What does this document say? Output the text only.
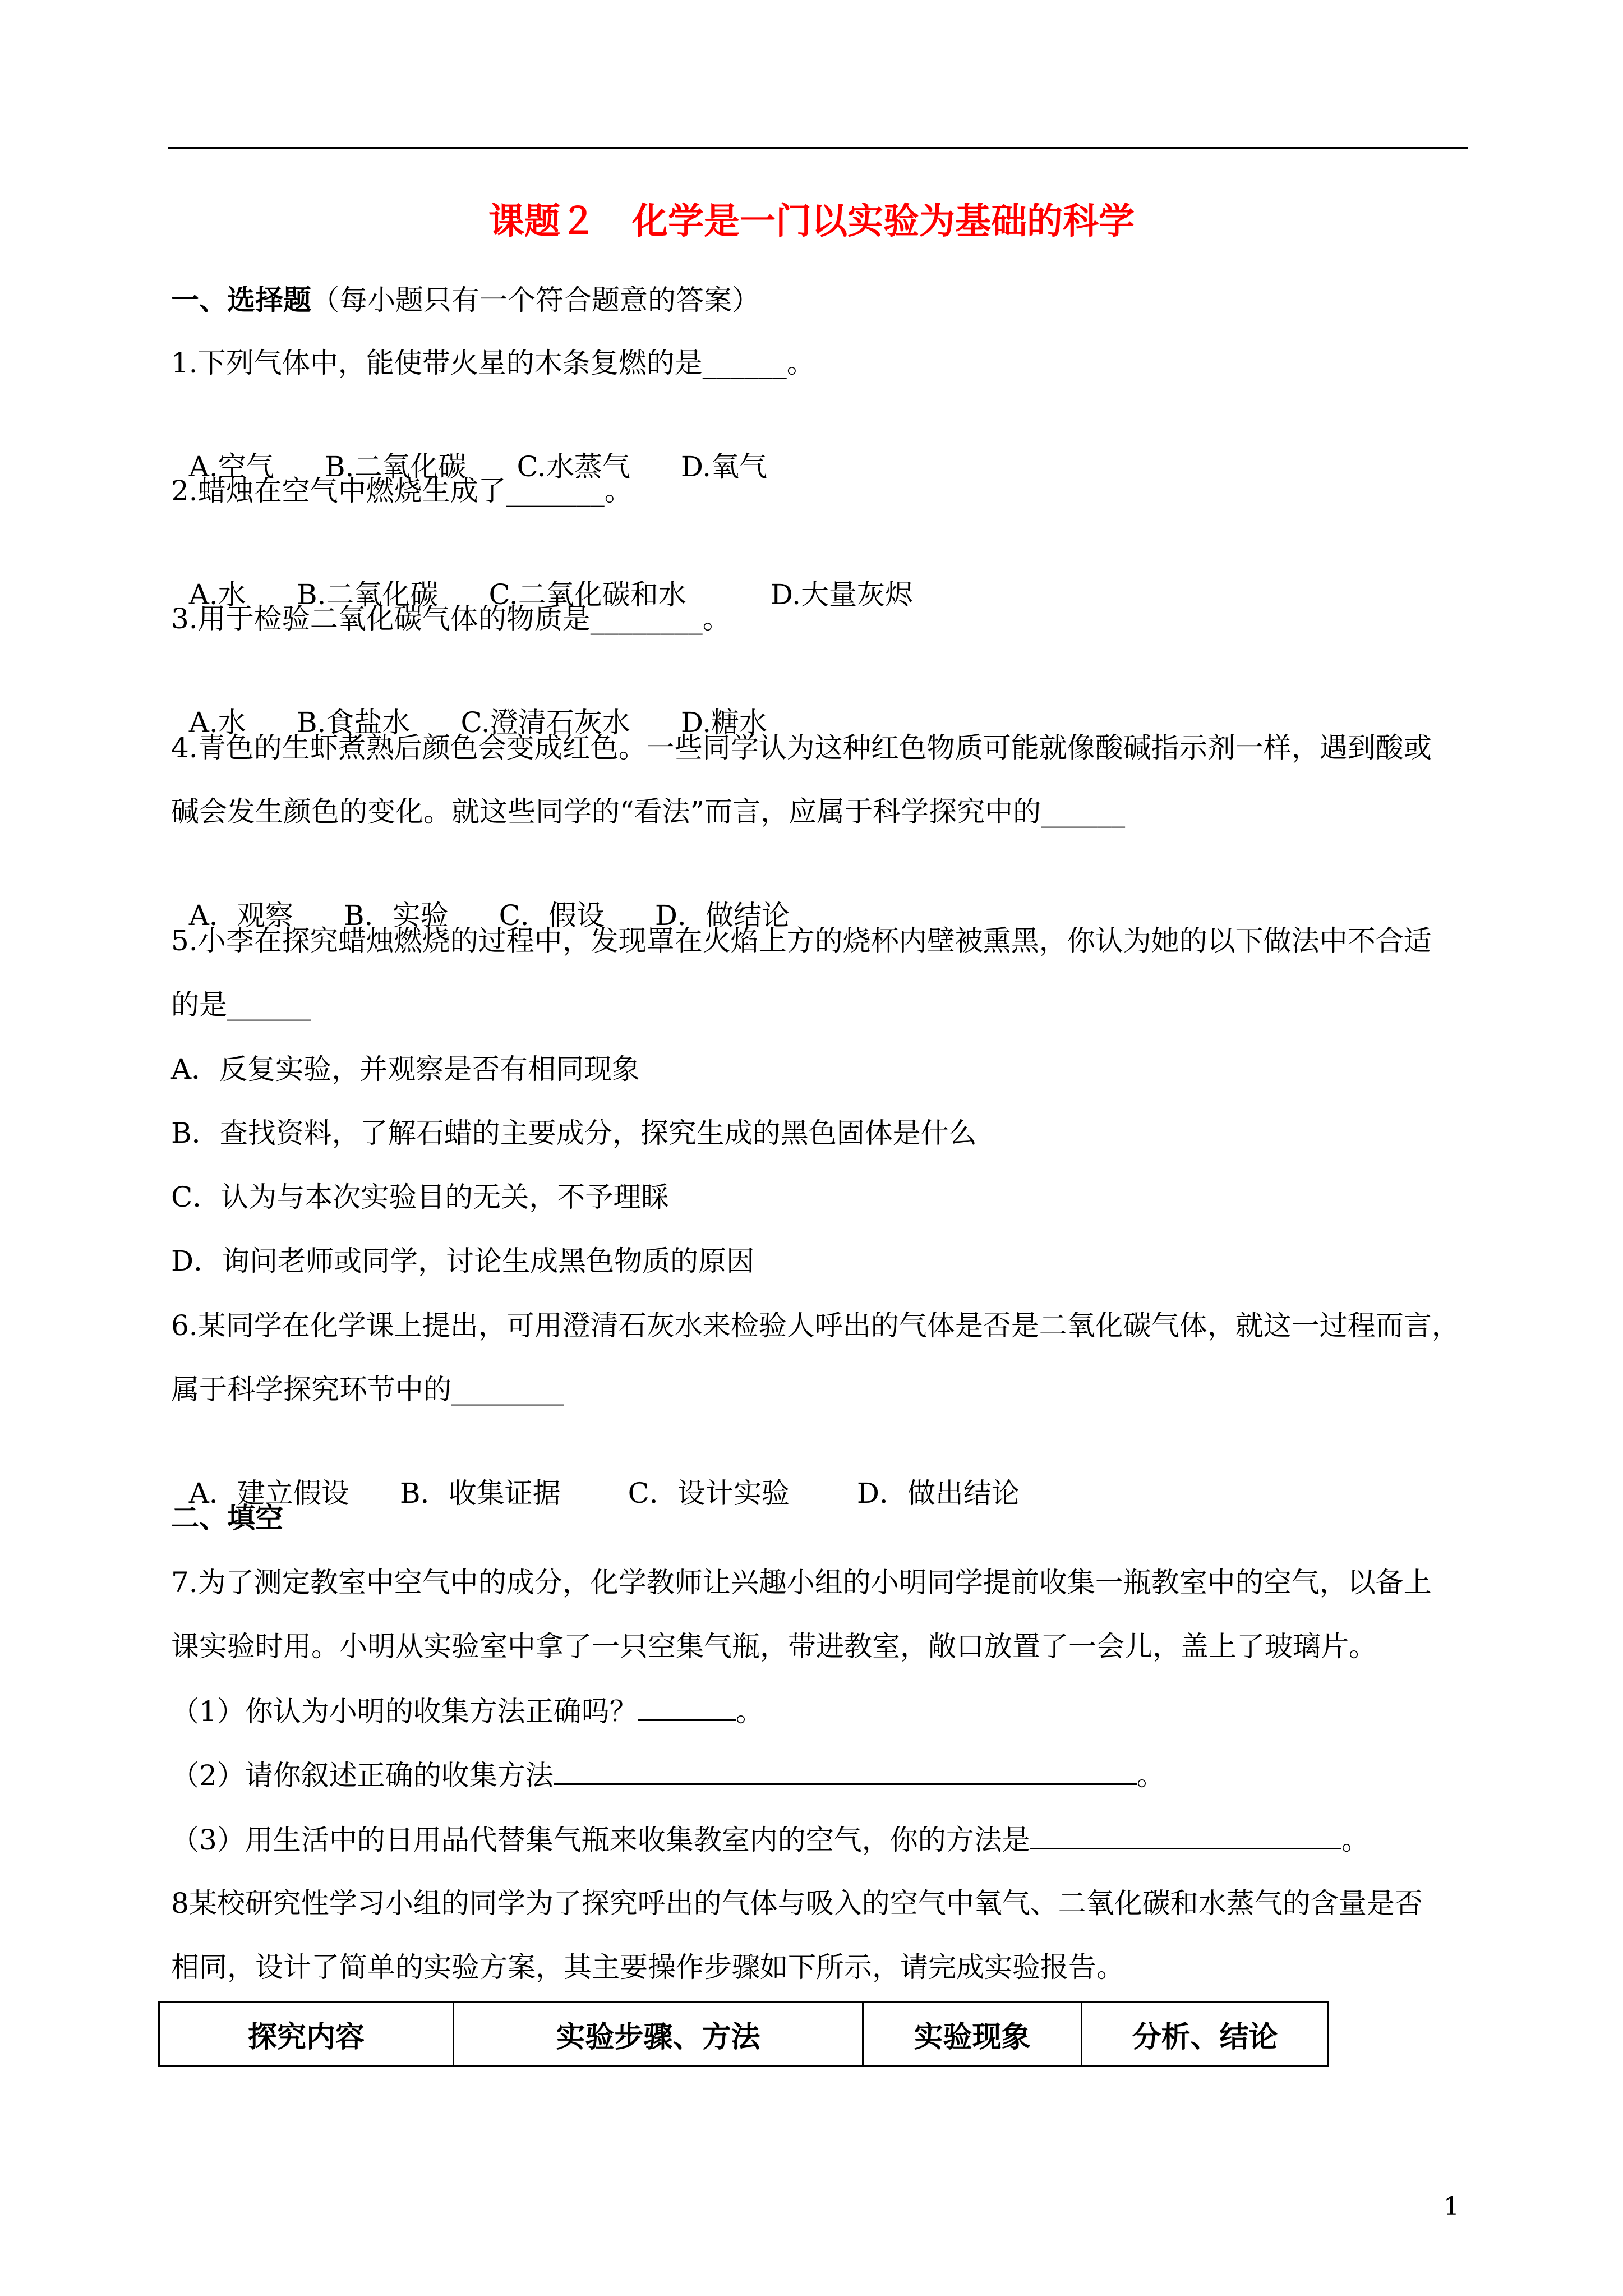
课题２　化学是一门以实验为基础的科学
一、选择题（每小题只有一个符合题意的答案）
1.下列气体中，能使带火星的木条复燃的是______。

A.空气 B.二氧化碳 C.水蒸气 D.氧气

2.蜡烛在空气中燃烧生成了_______。

A.水 B.二氧化碳 C.二氧化碳和水	D.大量灰烬

3.用于检验二氧化碳气体的物质是________。

A.水 B.食盐水 C.澄清石灰水 D.糖水

4.青色的生虾煮熟后颜色会变成红色。一些同学认为这种红色物质可能就像酸碱指示剂一样，遇到酸或
碱会发生颜色的变化。就这些同学的“看法”而言，应属于科学探究中的______

A．观察 B．实验 C．假设 D．做结论

5.小李在探究蜡烛燃烧的过程中，发现罩在火焰上方的烧杯内壁被熏黑，你认为她的以下做法中不合适
的是______
A．反复实验，并观察是否有相同现象
B．查找资料，了解石蜡的主要成分，探究生成的黑色固体是什么
C．认为与本次实验目的无关，不予理睬
D．询问老师或同学，讨论生成黑色物质的原因
6.某同学在化学课上提出，可用澄清石灰水来检验人呼出的气体是否是二氧化碳气体，就这一过程而言，
属于科学探究环节中的________

A．建立假设 B．收集证据 C．设计实验 D．做出结论

二、填空
7.为了测定教室中空气中的成分，化学教师让兴趣小组的小明同学提前收集一瓶教室中的空气，以备上
课实验时用。小明从实验室中拿了一只空集气瓶，带进教室，敞口放置了一会儿，盖上了玻璃片。
（1）你认为小明的收集方法正确吗？	。
（2）请你叙述正确的收集方法	。
（3）用生活中的日用品代替集气瓶来收集教室内的空气，你的方法是	。
8某校研究性学习小组的同学为了探究呼出的气体与吸入的空气中氧气、二氧化碳和水蒸气的含量是否
相同，设计了简单的实验方案，其主要操作步骤如下所示，请完成实验报告。
探究内容	实验步骤、方法	实验现象	分析、结论
1
